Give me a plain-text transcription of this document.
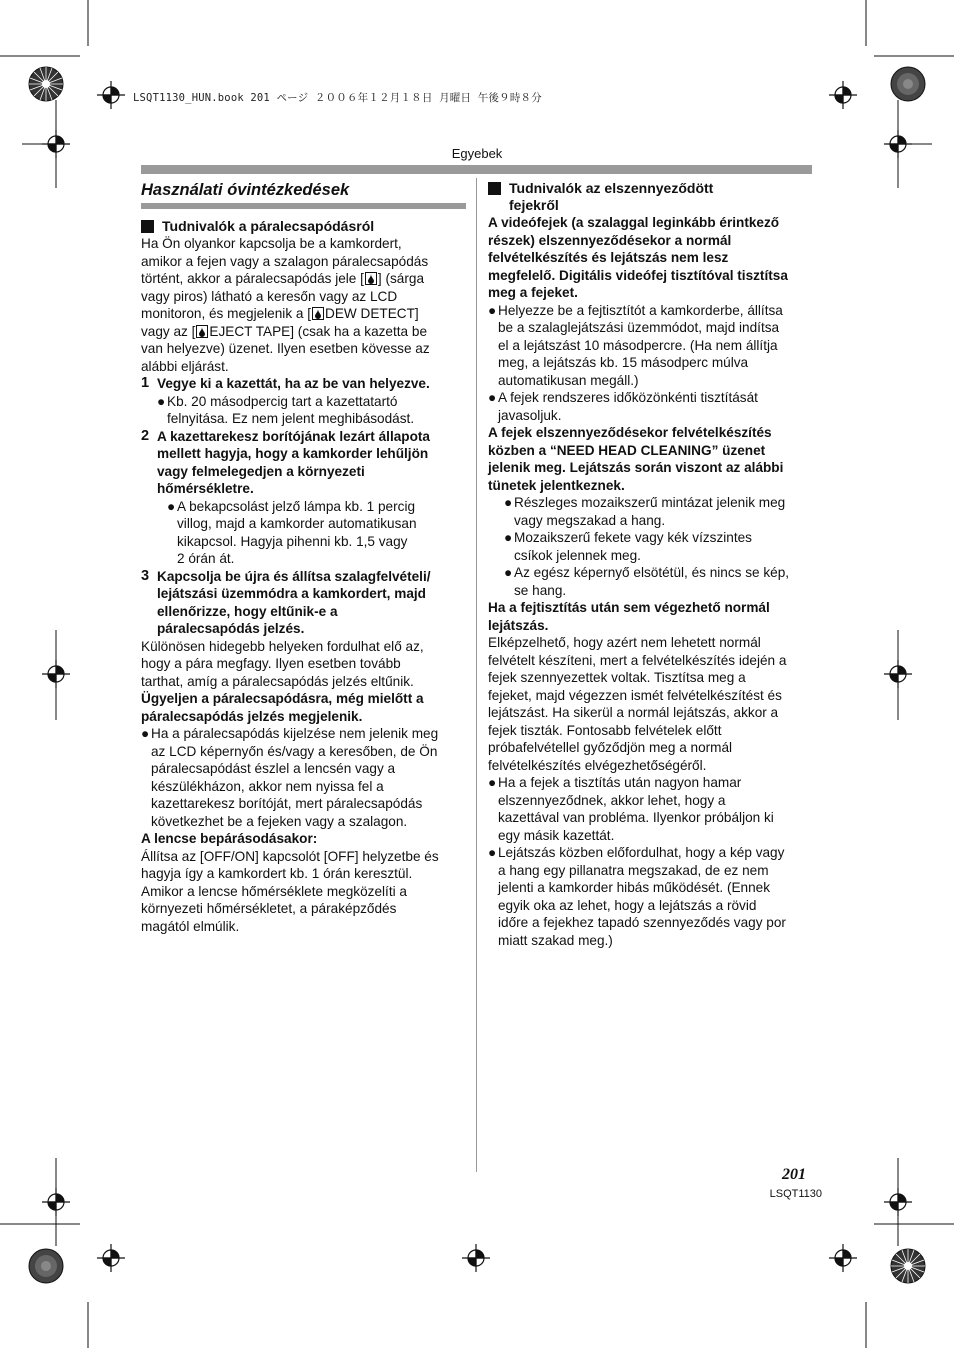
LSQT1130_HUN.book 201 ページ ２００６年１２月１８日 月曜日 午後９時８分
Egyebek
Használati óvintézkedések
Tudnivalók a páralecsapódásról

Ha Ön olyankor kapcsolja be a kamkordert,

amikor a fejen vagy a szalagon páralecsapódás

történt, akkor a páralecsapódás jele [ ] (sárga

vagy piros) látható a keresőn vagy az LCD

monitoron, és megjelenik a [ DEW DETECT]

vagy az [ EJECT TAPE] (csak ha a kazetta be

van helyezve) üzenet. Ilyen esetben kövesse az

alábbi eljárást.

1 Vegye ki a kazettát, ha az be van helyezve.
● Kb. 20 másodpercig tart a kazettatartó

felnyitása. Ez nem jelent meghibásodást.

2 A kazettarekesz borítójának lezárt állapota

mellett hagyja, hogy a kamkorder lehűljön

vagy felmelegedjen a környezeti

hőmérsékletre.

● A bekapcsolást jelző lámpa kb. 1 percig

villog, majd a kamkorder automatikusan

kikapcsol. Hagyja pihenni kb. 1,5 vagy

2 órán át.

3 Kapcsolja be újra és állítsa szalagfelvételi/

lejátszási üzemmódra a kamkordert, majd

ellenőrizze, hogy eltűnik-e a

páralecsapódás jelzés.

Különösen hidegebb helyeken fordulhat elő az,

hogy a pára megfagy. Ilyen esetben tovább

tarthat, amíg a páralecsapódás jelzés eltűnik.

Ügyeljen a páralecsapódásra, még mielőtt a

páralecsapódás jelzés megjelenik.

● Ha a páralecsapódás kijelzése nem jelenik meg

az LCD képernyőn és/vagy a keresőben, de Ön

páralecsapódást észlel a lencsén vagy a

készülékházon, akkor nem nyissa fel a

kazettarekesz borítóját, mert páralecsapódás

következhet be a fejeken vagy a szalagon.

A lencse bepárásodásakor:

Állítsa az [OFF/ON] kapcsolót [OFF] helyzetbe és

hagyja így a kamkordert kb. 1 órán keresztül.

Amikor a lencse hőmérséklete megközelíti a

környezeti hőmérsékletet, a páraképződés

magától elmúlik.

Tudnivalók az elszennyeződött

fejekről

A videófejek (a szalaggal leginkább érintkező

részek) elszennyeződésekor a normál

felvételkészítés és lejátszás nem lesz

megfelelő. Digitális videófej tisztítóval tisztítsa

meg a fejeket.

● Helyezze be a fejtisztítót a kamkorderbe, állítsa

be a szalaglejátszási üzemmódot, majd indítsa

el a lejátszást 10 másodpercre. (Ha nem állítja

meg, a lejátszás kb. 15 másodperc múlva

automatikusan megáll.)

● A fejek rendszeres időközönkénti tisztítását

javasoljuk.

A fejek elszennyeződésekor felvételkészítés

közben a “NEED HEAD CLEANING” üzenet

jelenik meg. Lejátszás során viszont az alábbi

tünetek jelentkeznek.

● Részleges mozaikszerű mintázat jelenik meg

vagy megszakad a hang.

● Mozaikszerű fekete vagy kék vízszintes

csíkok jelennek meg.

● Az egész képernyő elsötétül, és nincs se kép,

se hang.

Ha a fejtisztítás után sem végezhető normál

lejátszás.

Elképzelhető, hogy azért nem lehetett normál

felvételt készíteni, mert a felvételkészítés idején a

fejek szennyezettek voltak. Tisztítsa meg a

fejeket, majd végezzen ismét felvételkészítést és

lejátszást. Ha sikerül a normál lejátszás, akkor a

fejek tiszták. Fontosabb felvételek előtt

próbafelvétellel győződjön meg a normál

felvételkészítés elvégezhetőségéről.

● Ha a fejek a tisztítás után nagyon hamar

elszennyeződnek, akkor lehet, hogy a

kazettával van probléma. Ilyenkor próbáljon ki

egy másik kazettát.

● Lejátszás közben előfordulhat, hogy a kép vagy

a hang egy pillanatra megszakad, de ez nem

jelenti a kamkorder hibás működését. (Ennek

egyik oka az lehet, hogy a lejátszás a rövid

időre a fejekhez tapadó szennyeződés vagy por

miatt szakad meg.)

201
LSQT1130
